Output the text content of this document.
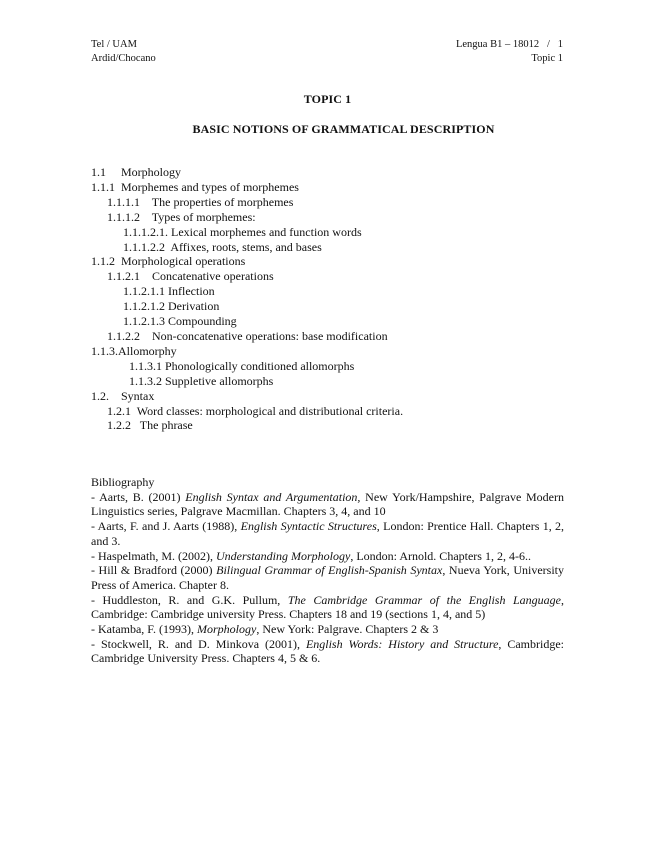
Tel / UAM
Ardid/Chocano
Lengua B1 – 18012   /   1
Topic 1
TOPIC 1
BASIC NOTIONS OF GRAMMATICAL DESCRIPTION
1.1     Morphology
1.1.1  Morphemes and types of morphemes
1.1.1.1    The properties of morphemes
1.1.1.2    Types of morphemes:
1.1.1.2.1. Lexical morphemes and function words
1.1.1.2.2  Affixes, roots, stems, and bases
1.1.2  Morphological operations
1.1.2.1    Concatenative operations
1.1.2.1.1 Inflection
1.1.2.1.2 Derivation
1.1.2.1.3 Compounding
1.1.2.2    Non-concatenative operations: base modification
1.1.3.Allomorphy
1.1.3.1 Phonologically conditioned allomorphs
1.1.3.2 Suppletive allomorphs
1.2.    Syntax
1.2.1  Word classes: morphological and distributional criteria.
1.2.2   The phrase
Bibliography

- Aarts, B. (2001) English Syntax and Argumentation, New York/Hampshire, Palgrave Modern Linguistics series, Palgrave Macmillan. Chapters 3, 4, and 10

- Aarts, F. and J. Aarts (1988), English Syntactic Structures, London: Prentice Hall. Chapters 1, 2, and 3.

- Haspelmath, M. (2002), Understanding Morphology, London: Arnold. Chapters 1, 2, 4-6..

- Hill & Bradford (2000) Bilingual Grammar of English-Spanish Syntax, Nueva York, University Press of America. Chapter 8.

- Huddleston, R. and G.K. Pullum, The Cambridge Grammar of the English Language, Cambridge: Cambridge university Press. Chapters 18 and 19 (sections 1, 4, and 5)

- Katamba, F. (1993), Morphology, New York: Palgrave. Chapters 2 & 3

- Stockwell, R. and D. Minkova (2001), English Words: History and Structure, Cambridge: Cambridge University Press. Chapters 4, 5 & 6.
